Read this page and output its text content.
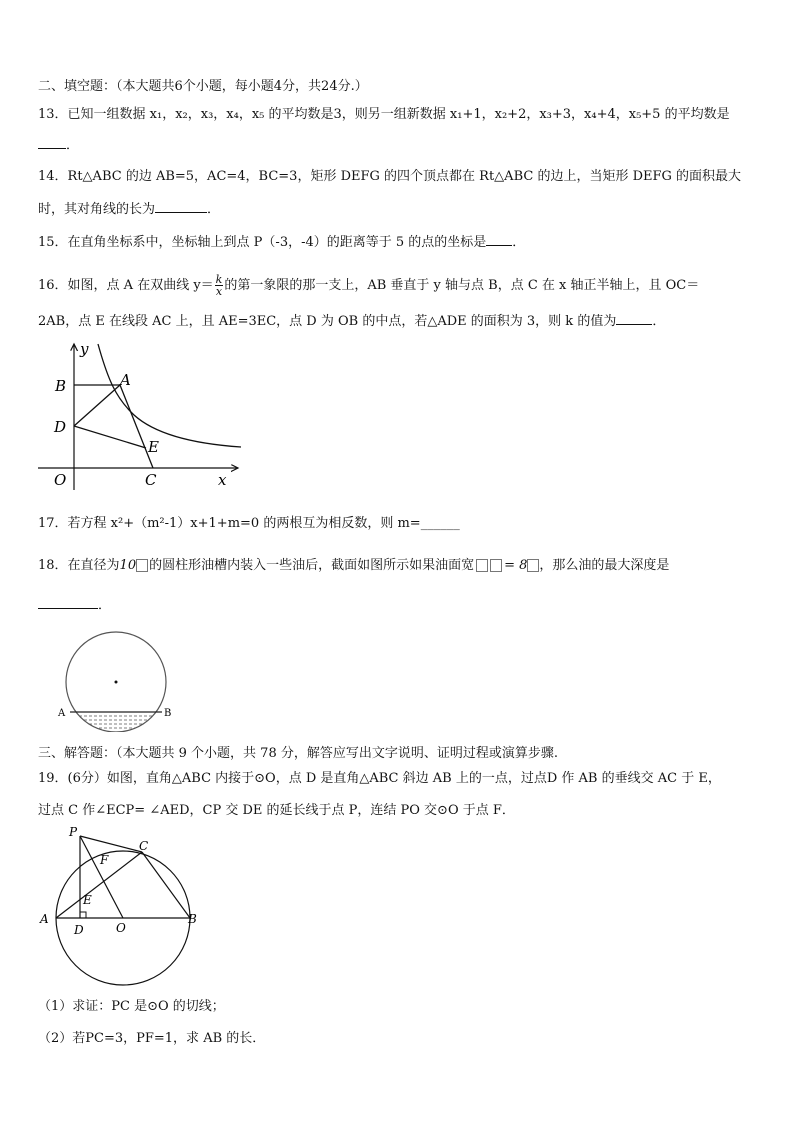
二、填空题：（本大题共6个小题，每小题4分，共24分.）
13．已知一组数据 x₁，x₂，x₃，x₄，x₅ 的平均数是3，则另一组新数据 x₁+1，x₂+2，x₃+3，x₄+4，x₅+5 的平均数是
．
14．Rt△ABC 的边 AB=5，AC=4，BC=3，矩形 DEFG 的四个顶点都在 Rt△ABC 的边上，当矩形 DEFG 的面积最大
时，其对角线的长为	．
15．在直角坐标系中，坐标轴上到点 P（-3，-4）的距离等于 5 的点的坐标是 ．
16．如图，点 A 在双曲线 $y= \frac{k}{x}$ 的第一象限的那一支上，AB 垂直于 y 轴与点 B，点 C 在 x 轴正半轴上，且 OC＝
2AB，点 E 在线段 AC 上，且 AE=3EC，点 D 为 OB 的中点，若△ADE 的面积为 3，则 k 的值为	．
y
B	A
D
E
O	C	x
17．若方程 x²+（m²-1）x+1+m=0 的两根互为相反数，则 m=______
18．在直径为10 的圆柱形油槽内装入一些油后，截面如图所示如果油面宽 = 8 ，那么油的最大深度是
．
A	B
三、解答题：（本大题共 9 个小题，共 78 分，解答应写出文字说明、证明过程或演算步骤.
19．(6分）如图，直角△ABC 内接于⊙O，点 D 是直角△ABC 斜边 AB 上的一点，过点D 作 AB 的垂线交 AC 于 E，
过点 C 作∠ECP= ∠AED，CP 交 DE 的延长线于点 P，连结 PO 交⊙O 于点 F．
P
C
F
E
A
D	O
B
（1）求证：PC 是⊙O 的切线；
（2）若PC=3，PF=1，求 AB 的长．
